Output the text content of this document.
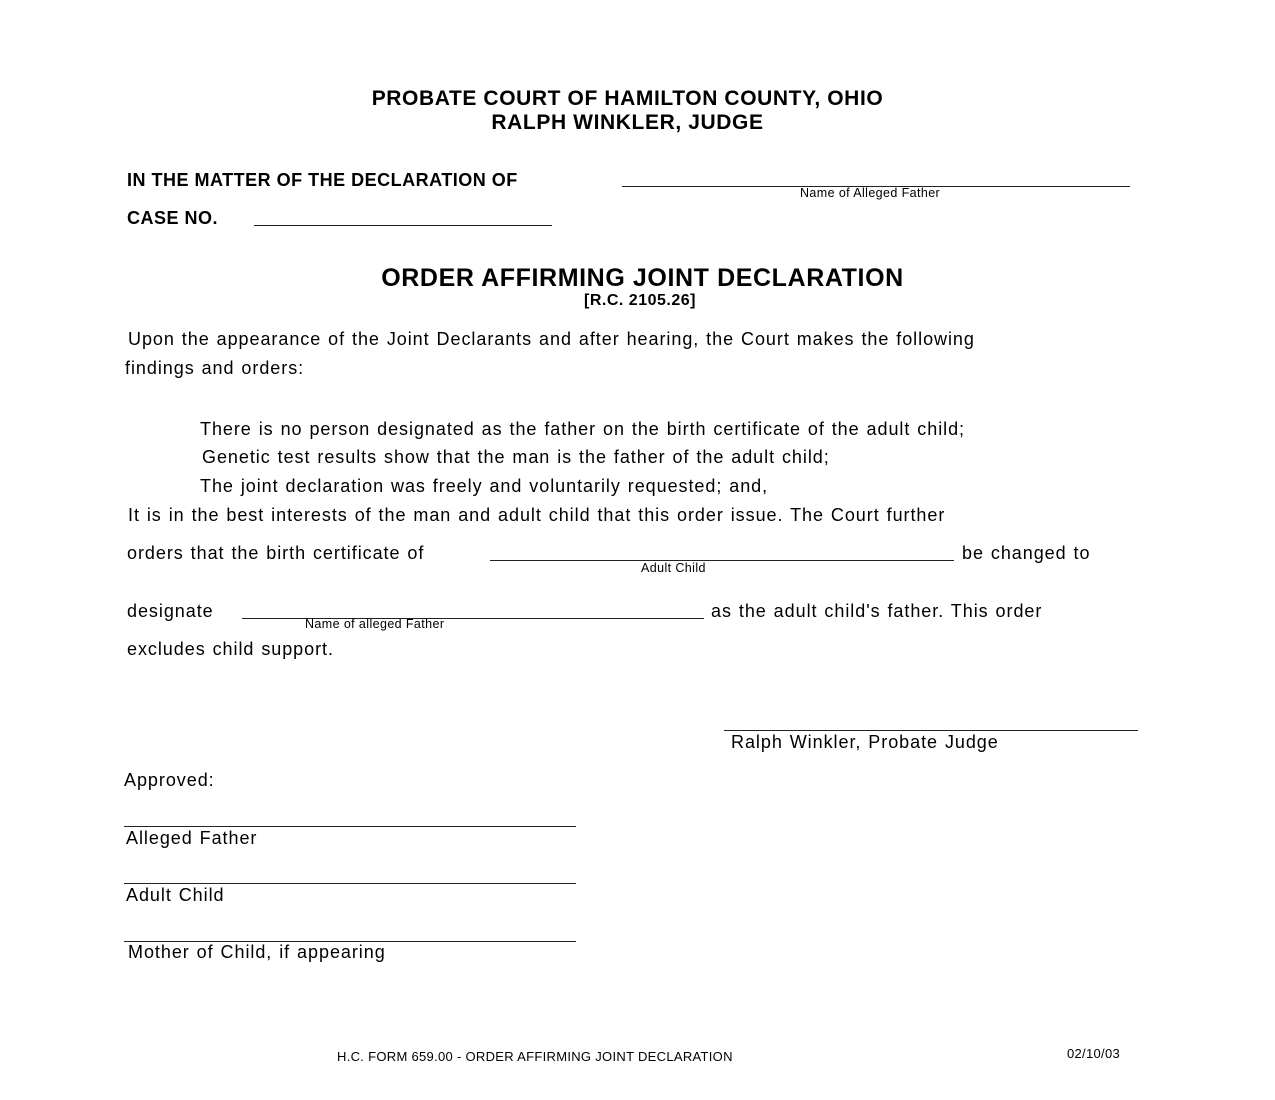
PROBATE COURT OF HAMILTON COUNTY, OHIO
RALPH WINKLER, JUDGE
IN THE MATTER OF THE DECLARATION OF
Name of Alleged Father
CASE NO.
ORDER AFFIRMING JOINT DECLARATION
[R.C. 2105.26]
Upon the appearance of the Joint Declarants and after hearing, the Court makes the following
findings and orders:
There is no person designated as the father on the birth certificate of the adult child;
Genetic test results show that the man is the father of the adult child;
The joint declaration was freely and voluntarily requested; and,
It is in the best interests of the man and adult child that this order issue. The Court further
orders that the birth certificate of
Adult Child
be changed to
designate
Name of alleged Father
as the adult child's father. This order
excludes child support.
Ralph Winkler, Probate Judge
Approved:
Alleged Father
Adult Child
Mother of Child, if appearing
H.C. FORM 659.00 - ORDER AFFIRMING JOINT DECLARATION	02/10/03
